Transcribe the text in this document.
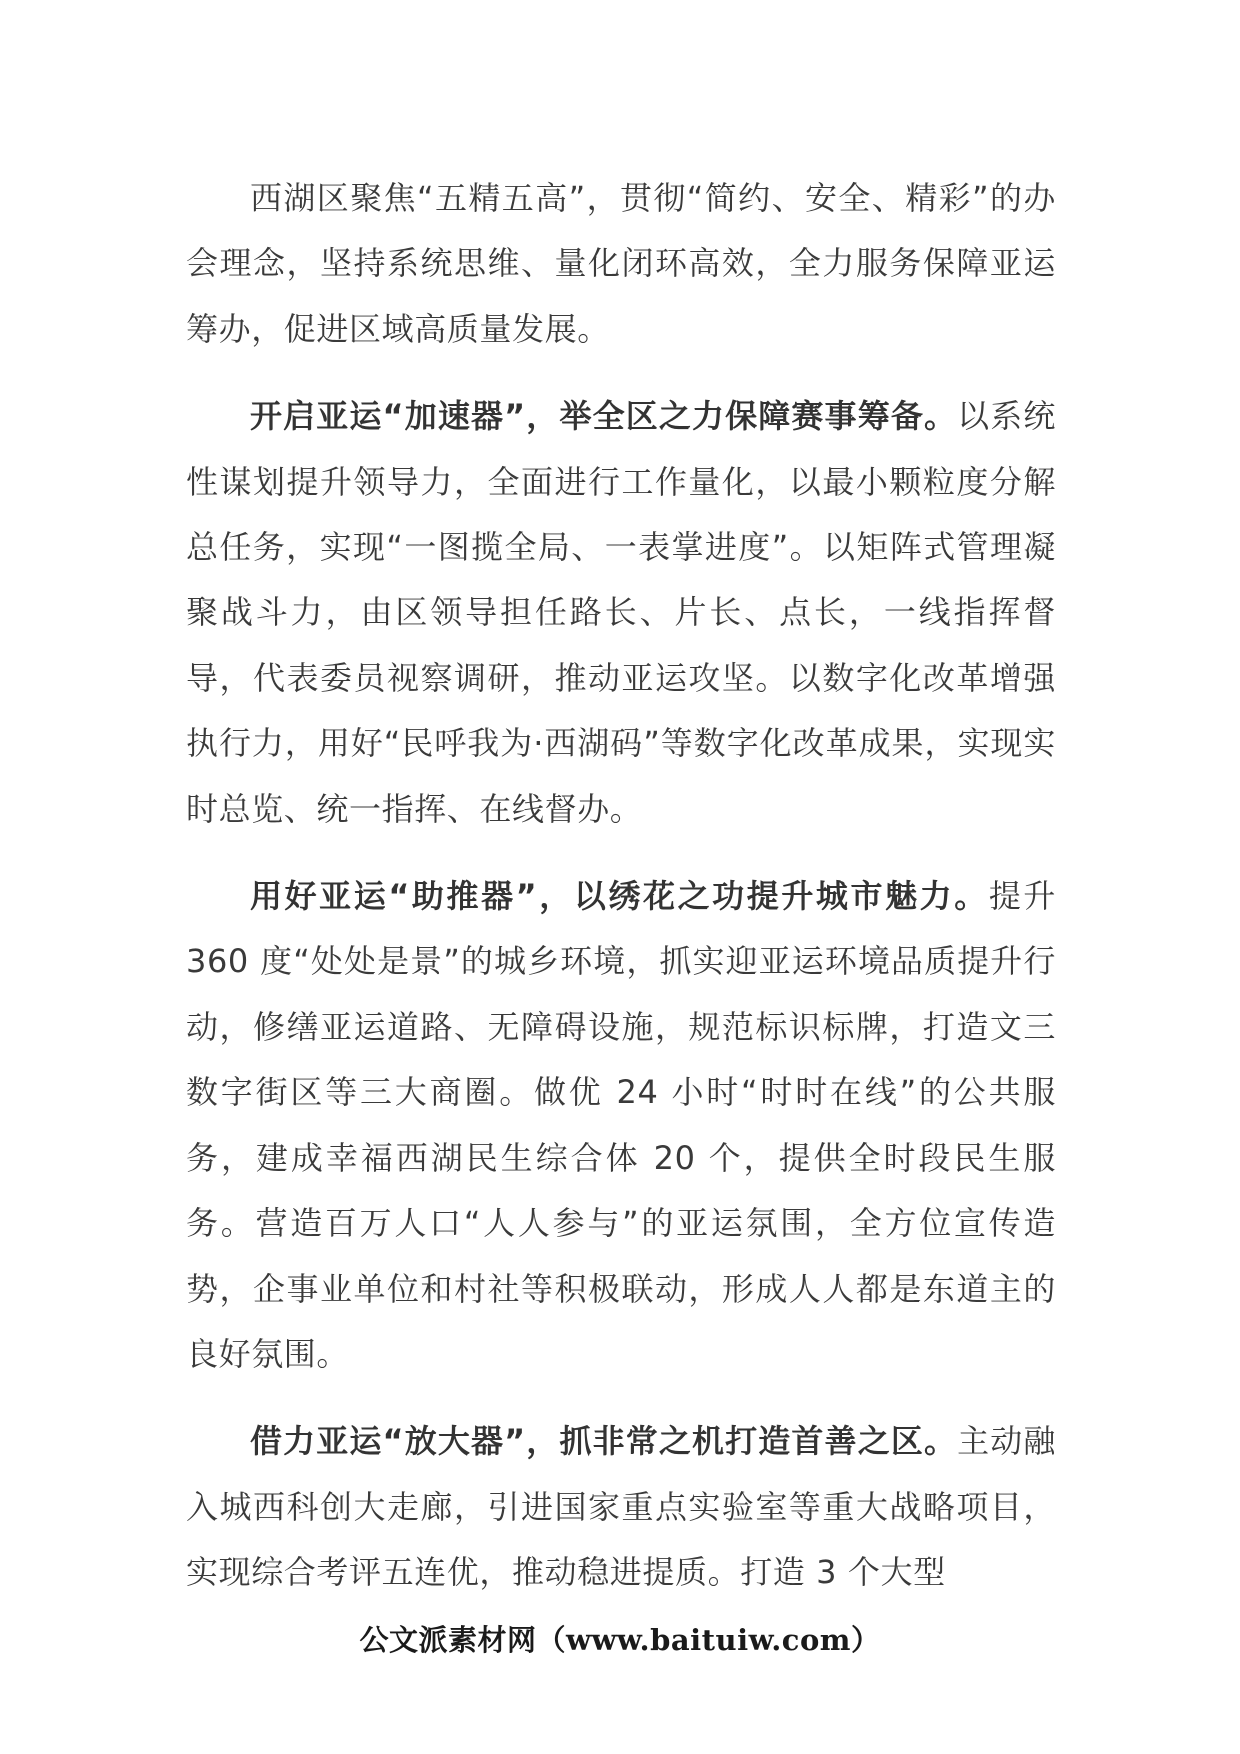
西湖区聚焦“五精五高”，贯彻“简约、安全、精彩”的办会理念，坚持系统思维、量化闭环高效，全力服务保障亚运筹办，促进区域高质量发展。

开启亚运“加速器”，举全区之力保障赛事筹备。以系统性谋划提升领导力，全面进行工作量化，以最小颗粒度分解总任务，实现“一图揽全局、一表掌进度”。以矩阵式管理凝聚战斗力，由区领导担任路长、片长、点长，一线指挥督导，代表委员视察调研，推动亚运攻坚。以数字化改革增强执行力，用好“民呼我为·西湖码”等数字化改革成果，实现实时总览、统一指挥、在线督办。

用好亚运“助推器”，以绣花之功提升城市魅力。提升 360 度“处处是景”的城乡环境，抓实迎亚运环境品质提升行动，修缮亚运道路、无障碍设施，规范标识标牌，打造文三数字街区等三大商圈。做优 24 小时“时时在线”的公共服务，建成幸福西湖民生综合体 20 个，提供全时段民生服务。营造百万人口“人人参与”的亚运氛围，全方位宣传造势，企事业单位和村社等积极联动，形成人人都是东道主的良好氛围。

借力亚运“放大器”，抓非常之机打造首善之区。主动融入城西科创大走廊，引进国家重点实验室等重大战略项目，实现综合考评五连优，推动稳进提质。打造 3 个大型

公文派素材网（www.baituiw.com）
